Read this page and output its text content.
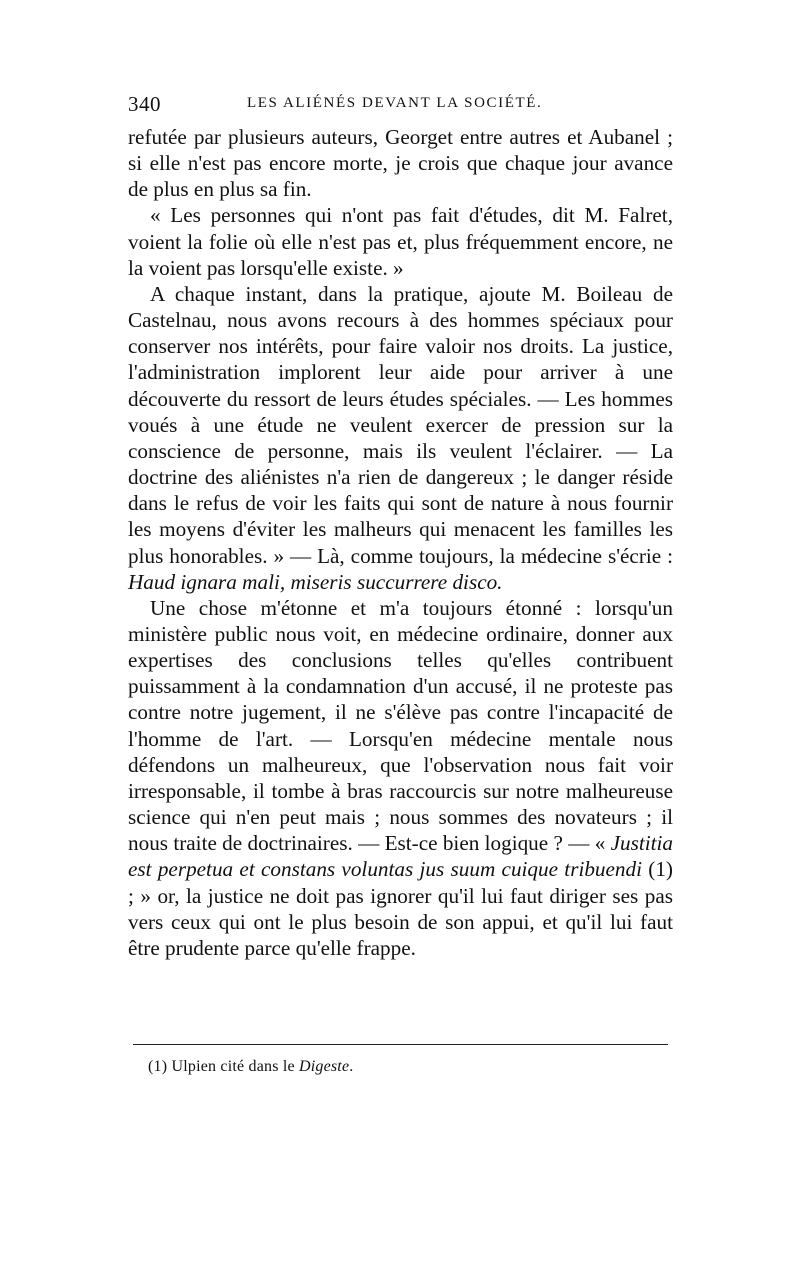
340	LES ALIÉNÉS DEVANT LA SOCIÉTÉ.

refutée par plusieurs auteurs, Georget entre autres et Aubanel ; si elle n'est pas encore morte, je crois que chaque jour avance de plus en plus sa fin.

« Les personnes qui n'ont pas fait d'études, dit M. Falret, voient la folie où elle n'est pas et, plus fréquemment encore, ne la voient pas lorsqu'elle existe. »

A chaque instant, dans la pratique, ajoute M. Boileau de Castelnau, nous avons recours à des hommes spéciaux pour conserver nos intérêts, pour faire valoir nos droits. La justice, l'administration implorent leur aide pour arriver à une découverte du ressort de leurs études spéciales. — Les hommes voués à une étude ne veulent exercer de pression sur la conscience de personne, mais ils veulent l'éclairer. — La doctrine des aliénistes n'a rien de dangereux ; le danger réside dans le refus de voir les faits qui sont de nature à nous fournir les moyens d'éviter les malheurs qui menacent les familles les plus honorables. » — Là, comme toujours, la médecine s'écrie : Haud ignara mali, miseris succurrere disco.

Une chose m'étonne et m'a toujours étonné : lorsqu'un ministère public nous voit, en médecine ordinaire, donner aux expertises des conclusions telles qu'elles contribuent puissamment à la condamnation d'un accusé, il ne proteste pas contre notre jugement, il ne s'élève pas contre l'incapacité de l'homme de l'art. — Lorsqu'en médecine mentale nous défendons un malheureux, que l'observation nous fait voir irresponsable, il tombe à bras raccourcis sur notre malheureuse science qui n'en peut mais ; nous sommes des novateurs ; il nous traite de doctrinaires. — Est-ce bien logique ? — « Justitia est perpetua et constans voluntas jus suum cuique tribuendi (1) ; » or, la justice ne doit pas ignorer qu'il lui faut diriger ses pas vers ceux qui ont le plus besoin de son appui, et qu'il lui faut être prudente parce qu'elle frappe.

(1) Ulpien cité dans le Digeste.
